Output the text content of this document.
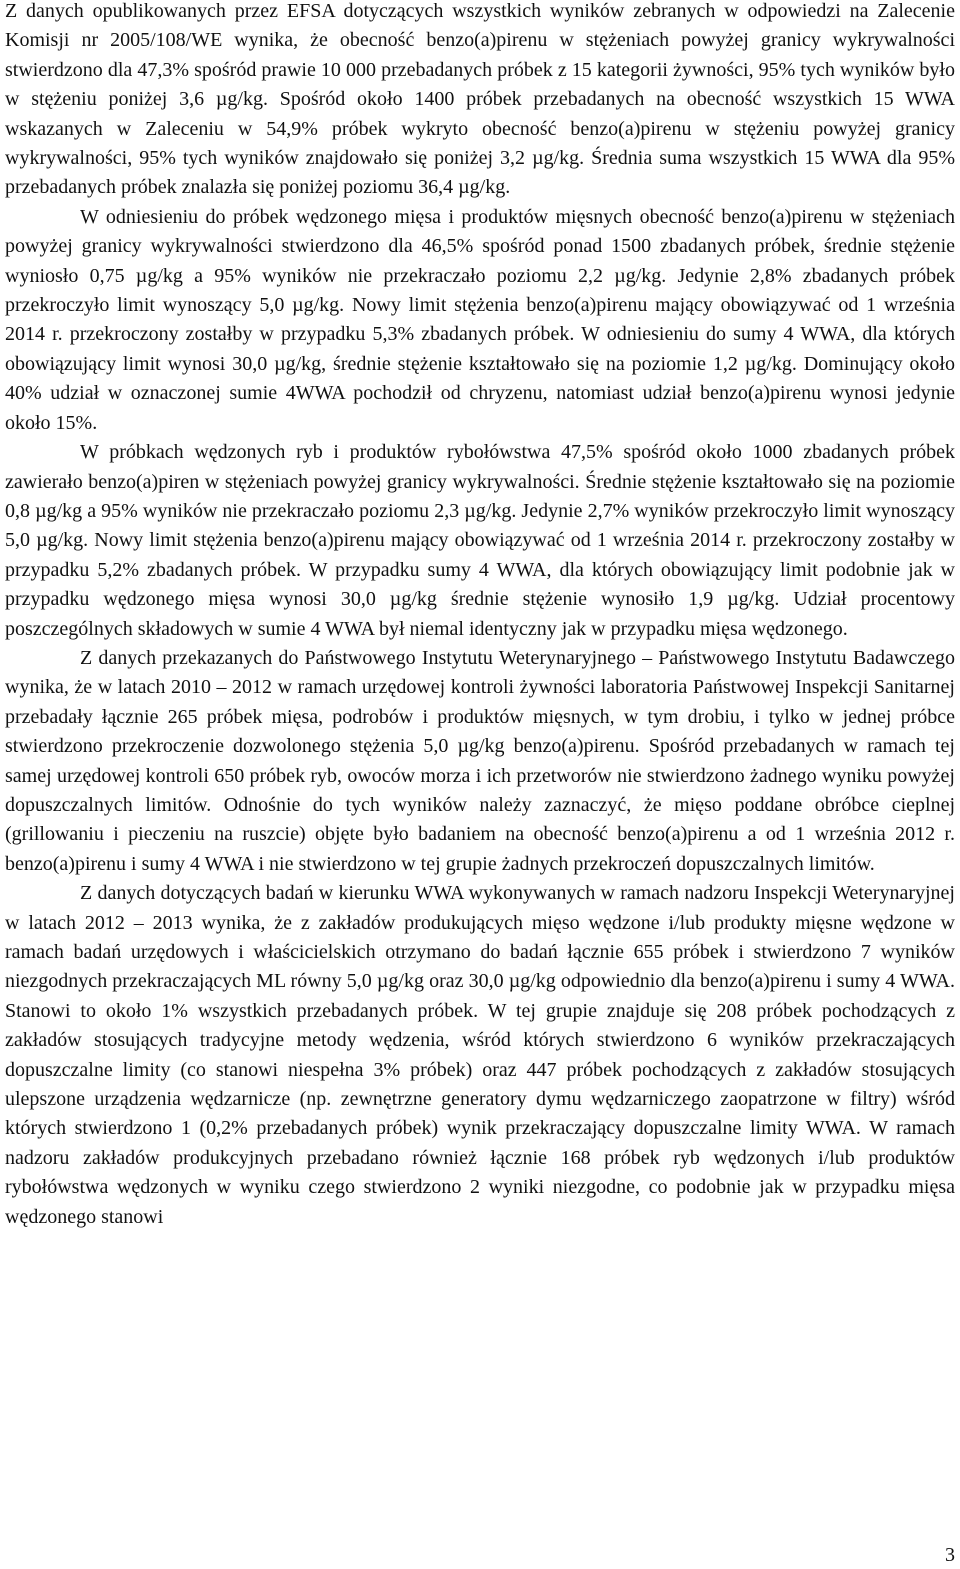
Z danych opublikowanych przez EFSA dotyczących wszystkich wyników zebranych w odpowiedzi na Zalecenie Komisji nr 2005/108/WE wynika, że obecność benzo(a)pirenu w stężeniach powyżej granicy wykrywalności stwierdzono dla 47,3% spośród prawie 10 000 przebadanych próbek z 15 kategorii żywności, 95% tych wyników było w stężeniu poniżej 3,6 µg/kg. Spośród około 1400 próbek przebadanych na obecność wszystkich 15 WWA wskazanych w Zaleceniu w 54,9% próbek wykryto obecność benzo(a)pirenu w stężeniu powyżej granicy wykrywalności, 95% tych wyników znajdowało się poniżej 3,2 µg/kg. Średnia suma wszystkich 15 WWA dla 95% przebadanych próbek znalazła się poniżej poziomu 36,4 µg/kg.

W odniesieniu do próbek wędzonego mięsa i produktów mięsnych obecność benzo(a)pirenu w stężeniach powyżej granicy wykrywalności stwierdzono dla 46,5% spośród ponad 1500 zbadanych próbek, średnie stężenie wyniosło 0,75 µg/kg a 95% wyników nie przekraczało poziomu 2,2 µg/kg. Jedynie 2,8% zbadanych próbek przekroczyło limit wynoszący 5,0 µg/kg. Nowy limit stężenia benzo(a)pirenu mający obowiązywać od 1 września 2014 r. przekroczony zostałby w przypadku 5,3% zbadanych próbek. W odniesieniu do sumy 4 WWA, dla których obowiązujący limit wynosi 30,0 µg/kg, średnie stężenie kształtowało się na poziomie 1,2 µg/kg. Dominujący około 40% udział w oznaczonej sumie 4WWA pochodził od chryzenu, natomiast udział benzo(a)pirenu wynosi jedynie około 15%.

W próbkach wędzonych ryb i produktów rybołówstwa 47,5% spośród około 1000 zbadanych próbek zawierało benzo(a)piren w stężeniach powyżej granicy wykrywalności. Średnie stężenie kształtowało się na poziomie 0,8 µg/kg a 95% wyników nie przekraczało poziomu 2,3 µg/kg. Jedynie 2,7% wyników przekroczyło limit wynoszący 5,0 µg/kg. Nowy limit stężenia benzo(a)pirenu mający obowiązywać od 1 września 2014 r. przekroczony zostałby w przypadku 5,2% zbadanych próbek. W przypadku sumy 4 WWA, dla których obowiązujący limit podobnie jak w przypadku wędzonego mięsa wynosi 30,0 µg/kg średnie stężenie wynosiło 1,9 µg/kg. Udział procentowy poszczególnych składowych w sumie 4 WWA był niemal identyczny jak w przypadku mięsa wędzonego.

Z danych przekazanych do Państwowego Instytutu Weterynaryjnego – Państwowego Instytutu Badawczego wynika, że w latach 2010 – 2012 w ramach urzędowej kontroli żywności laboratoria Państwowej Inspekcji Sanitarnej przebadały łącznie 265 próbek mięsa, podrobów i produktów mięsnych, w tym drobiu, i tylko w jednej próbce stwierdzono przekroczenie dozwolonego stężenia 5,0 µg/kg benzo(a)pirenu. Spośród przebadanych w ramach tej samej urzędowej kontroli 650 próbek ryb, owoców morza i ich przetworów nie stwierdzono żadnego wyniku powyżej dopuszczalnych limitów. Odnośnie do tych wyników należy zaznaczyć, że mięso poddane obróbce cieplnej (grillowaniu i pieczeniu na ruszcie) objęte było badaniem na obecność benzo(a)pirenu a od 1 września 2012 r. benzo(a)pirenu i sumy 4 WWA i nie stwierdzono w tej grupie żadnych przekroczeń dopuszczalnych limitów.

Z danych dotyczących badań w kierunku WWA wykonywanych w ramach nadzoru Inspekcji Weterynaryjnej w latach 2012 – 2013 wynika, że z zakładów produkujących mięso wędzone i/lub produkty mięsne wędzone w ramach badań urzędowych i właścicielskich otrzymano do badań łącznie 655 próbek i stwierdzono 7 wyników niezgodnych przekraczających ML równy 5,0 µg/kg oraz 30,0 µg/kg odpowiednio dla benzo(a)pirenu i sumy 4 WWA. Stanowi to około 1% wszystkich przebadanych próbek. W tej grupie znajduje się 208 próbek pochodzących z zakładów stosujących tradycyjne metody wędzenia, wśród których stwierdzono 6 wyników przekraczających dopuszczalne limity (co stanowi niespełna 3% próbek) oraz 447 próbek pochodzących z zakładów stosujących ulepszone urządzenia wędzarnicze (np. zewnętrzne generatory dymu wędzarniczego zaopatrzone w filtry) wśród których stwierdzono 1 (0,2% przebadanych próbek) wynik przekraczający dopuszczalne limity WWA. W ramach nadzoru zakładów produkcyjnych przebadano również łącznie 168 próbek ryb wędzonych i/lub produktów rybołówstwa wędzonych w wyniku czego stwierdzono 2 wyniki niezgodne, co podobnie jak w przypadku mięsa wędzonego stanowi

3
